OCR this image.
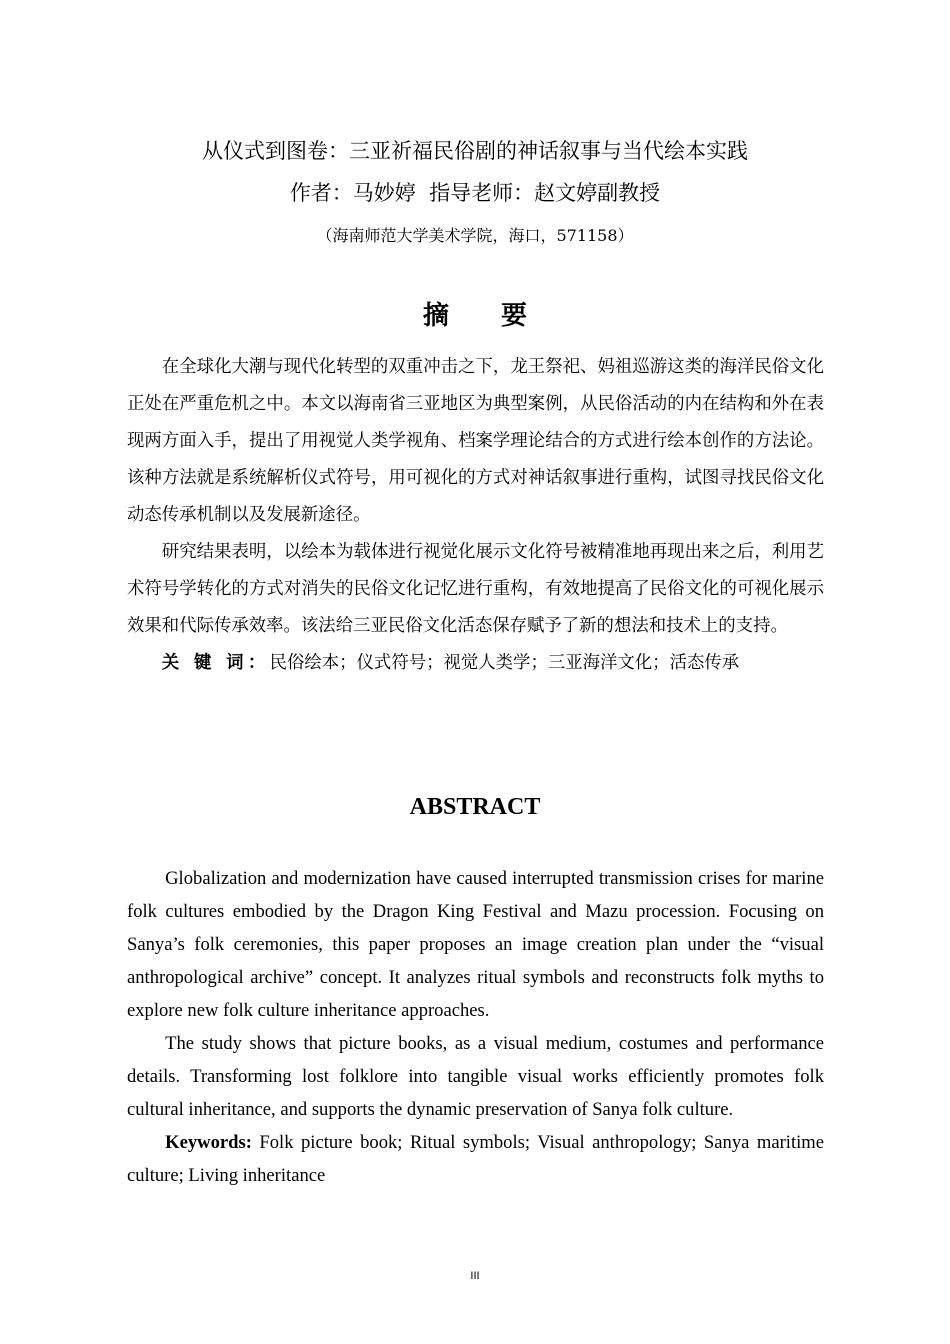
从仪式到图卷：三亚祈福民俗剧的神话叙事与当代绘本实践
作者：马妙婷  指导老师：赵文婷副教授
（海南师范大学美术学院，海口，571158）
摘 要

在全球化大潮与现代化转型的双重冲击之下，龙王祭祀、妈祖巡游这类的海洋民俗文化正处在严重危机之中。本文以海南省三亚地区为典型案例，从民俗活动的内在结构和外在表现两方面入手，提出了用视觉人类学视角、档案学理论结合的方式进行绘本创作的方法论。该种方法就是系统解析仪式符号，用可视化的方式对神话叙事进行重构，试图寻找民俗文化动态传承机制以及发展新途径。

研究结果表明，以绘本为载体进行视觉化展示文化符号被精准地再现出来之后，利用艺术符号学转化的方式对消失的民俗文化记忆进行重构，有效地提高了民俗文化的可视化展示效果和代际传承效率。该法给三亚民俗文化活态保存赋予了新的想法和技术上的支持。

关 键 词：民俗绘本；仪式符号；视觉人类学；三亚海洋文化；活态传承
ABSTRACT

Globalization and modernization have caused interrupted transmission crises for marine folk cultures embodied by the Dragon King Festival and Mazu procession. Focusing on Sanya’s folk ceremonies, this paper proposes an image creation plan under the “visual anthropological archive” concept. It analyzes ritual symbols and reconstructs folk myths to explore new folk culture inheritance approaches.

The study shows that picture books, as a visual medium, costumes and performance details. Transforming lost folklore into tangible visual works efficiently promotes folk cultural inheritance, and supports the dynamic preservation of Sanya folk culture.

Keywords: Folk picture book; Ritual symbols; Visual anthropology; Sanya maritime culture; Living inheritance

III
